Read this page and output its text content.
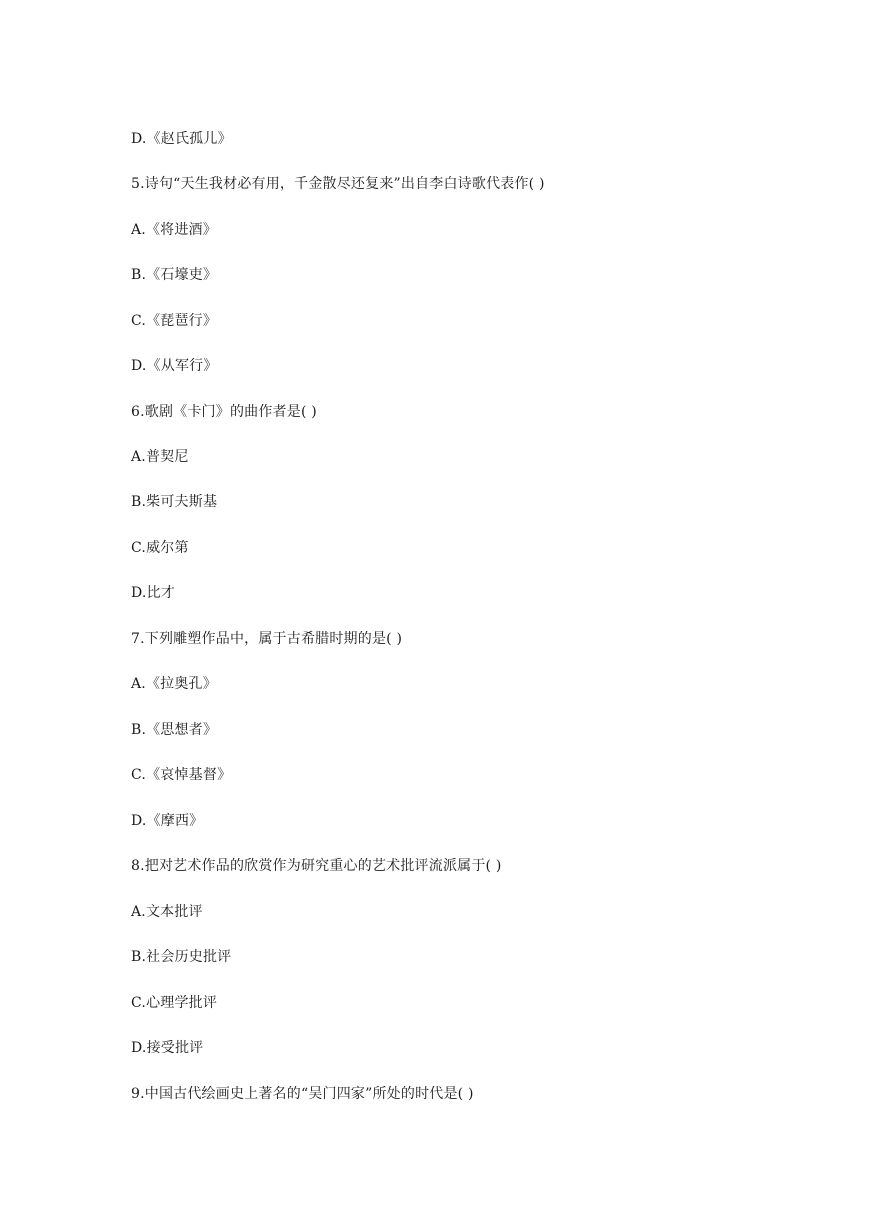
D.《赵氏孤儿》
5.诗句“天生我材必有用，千金散尽还复来”出自李白诗歌代表作( )
A.《将进酒》
B.《石壕吏》
C.《琵琶行》
D.《从军行》
6.歌剧《卡门》的曲作者是( )
A.普契尼
B.柴可夫斯基
C.威尔第
D.比才
7.下列雕塑作品中，属于古希腊时期的是( )
A.《拉奥孔》
B.《思想者》
C.《哀悼基督》
D.《摩西》
8.把对艺术作品的欣赏作为研究重心的艺术批评流派属于( )
A.文本批评
B.社会历史批评
C.心理学批评
D.接受批评
9.中国古代绘画史上著名的“吴门四家”所处的时代是( )
